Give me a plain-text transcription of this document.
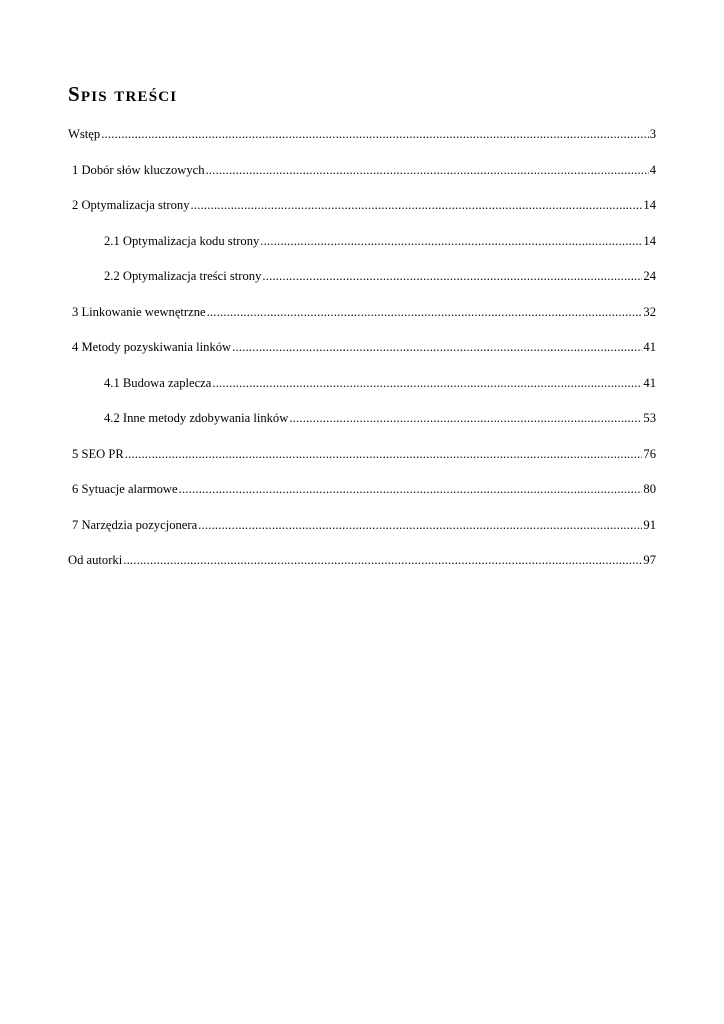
Spis treści
Wstęp .....	3
1 Dobór słów kluczowych .....	4
2 Optymalizacja strony .....	14
2.1 Optymalizacja kodu strony .....	14
2.2 Optymalizacja treści strony .....	24
3 Linkowanie wewnętrzne .....	32
4 Metody pozyskiwania linków .....	41
4.1 Budowa zaplecza .....	41
4.2 Inne metody zdobywania linków .....	53
5 SEO PR .....	76
6 Sytuacje alarmowe .....	80
7 Narzędzia pozycjonera .....	91
Od autorki .....	97
